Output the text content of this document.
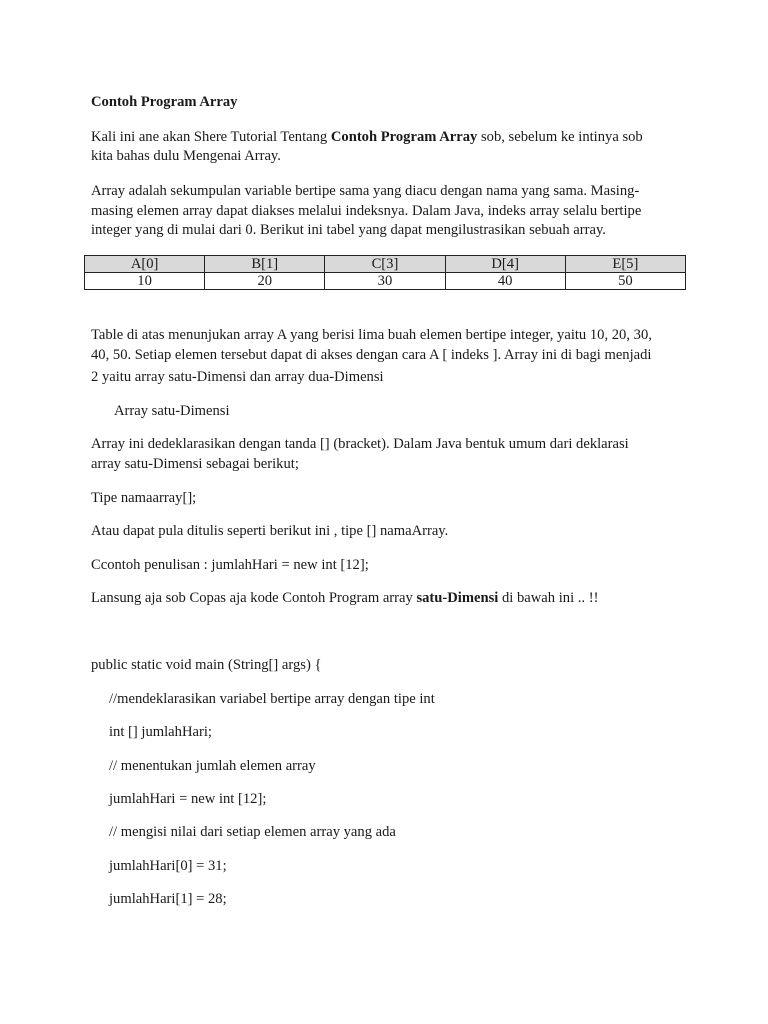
Contoh Program Array
Kali ini ane akan Shere Tutorial Tentang Contoh Program Array sob, sebelum ke intinya sob
kita bahas dulu Mengenai Array.
Array adalah sekumpulan variable bertipe sama yang diacu dengan nama yang sama. Masing-
masing elemen array dapat diakses melalui indeksnya. Dalam Java, indeks array selalu bertipe
integer yang di mulai dari 0. Berikut ini tabel yang dapat mengilustrasikan sebuah array.
A[0]	B[1]	C[3]	D[4]	E[5]
10	20	30	40	50
Table di atas menunjukan array A yang berisi lima buah elemen bertipe integer, yaitu 10, 20, 30,
40, 50. Setiap elemen tersebut dapat di akses dengan cara A [ indeks ]. Array ini di bagi menjadi
2 yaitu array satu-Dimensi dan array dua-Dimensi
Array satu-Dimensi
Array ini dedeklarasikan dengan tanda [] (bracket). Dalam Java bentuk umum dari deklarasi
array satu-Dimensi sebagai berikut;
Tipe namaarray[];
Atau dapat pula ditulis seperti berikut ini , tipe [] namaArray.
Ccontoh penulisan : jumlahHari = new int [12];
Lansung aja sob Copas aja kode Contoh Program array satu-Dimensi di bawah ini .. !!
public static void main (String[] args) {
//mendeklarasikan variabel bertipe array dengan tipe int
int [] jumlahHari;
// menentukan jumlah elemen array
jumlahHari = new int [12];
// mengisi nilai dari setiap elemen array yang ada
jumlahHari[0] = 31;
jumlahHari[1] = 28;
